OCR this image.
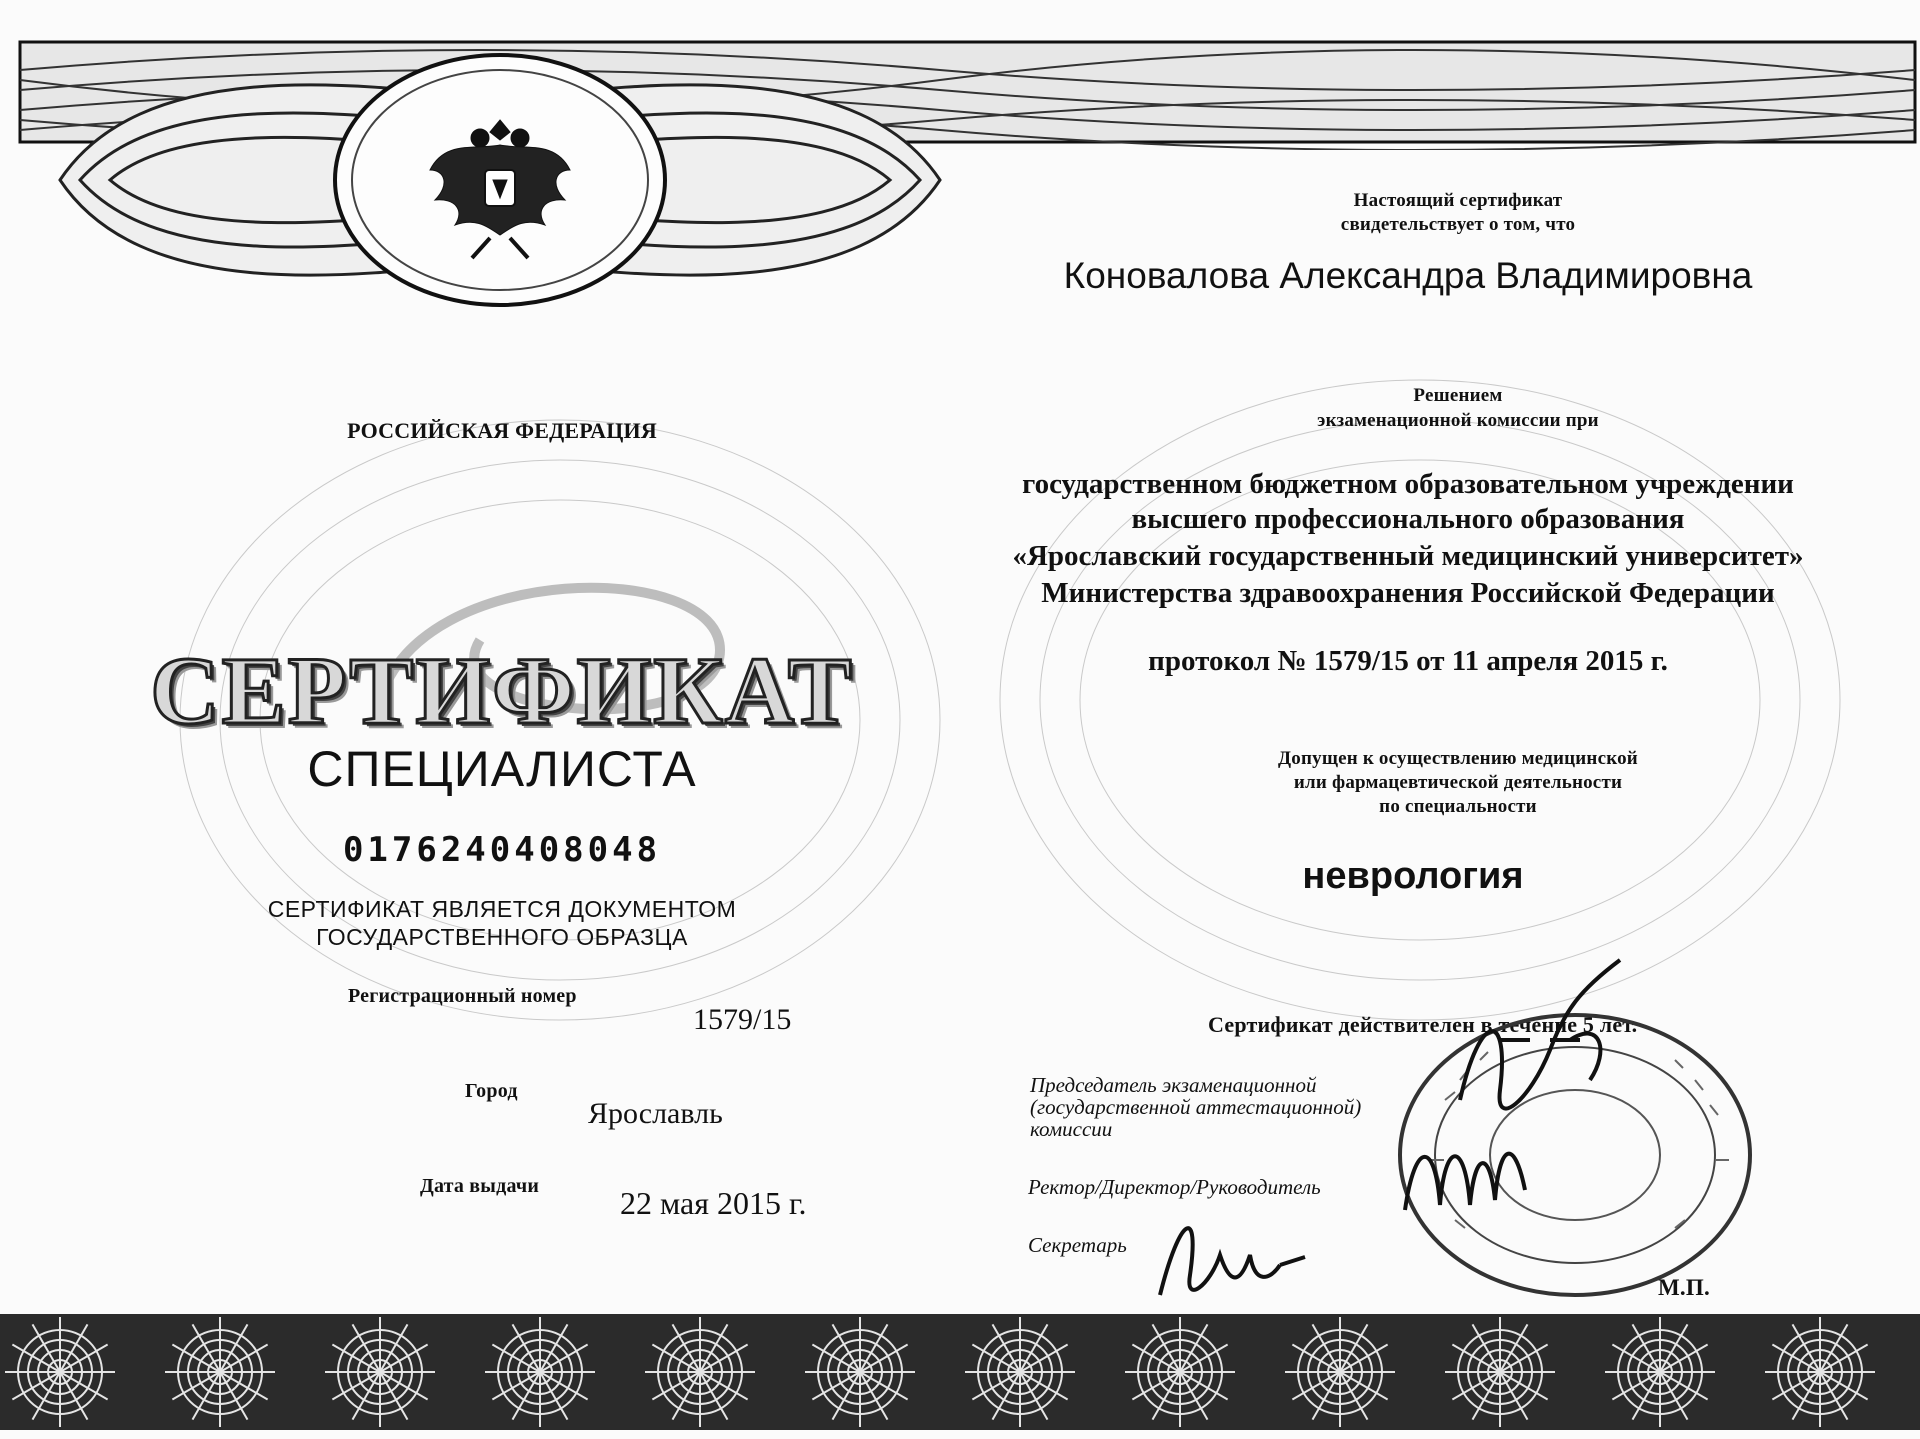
РОССИЙСКАЯ ФЕДЕРАЦИЯ
СЕРТИФИКАТ
СПЕЦИАЛИСТА
0176240408048
СЕРТИФИКАТ ЯВЛЯЕТСЯ ДОКУМЕНТОМ
ГОСУДАРСТВЕННОГО ОБРАЗЦА
Регистрационный номер
1579/15
Город
Ярославль
Дата выдачи	22 мая 2015 г.
Настоящий сертификат
свидетельствует о том, что
Коновалова Александра Владимировна
Решением
экзаменационной комиссии при
государственном бюджетном образовательном учреждении
высшего профессионального образования
«Ярославский государственный медицинский университет»
Министерства здравоохранения Российской Федерации
протокол № 1579/15 от 11 апреля 2015 г.
Допущен к осуществлению медицинской
или фармацевтической деятельности
по специальности
неврология
Сертификат действителен в течение 5 лет.
Председатель экзаменационной
(государственной аттестационной)
комиссии
Ректор/Директор/Руководитель
Секретарь
М.П.
